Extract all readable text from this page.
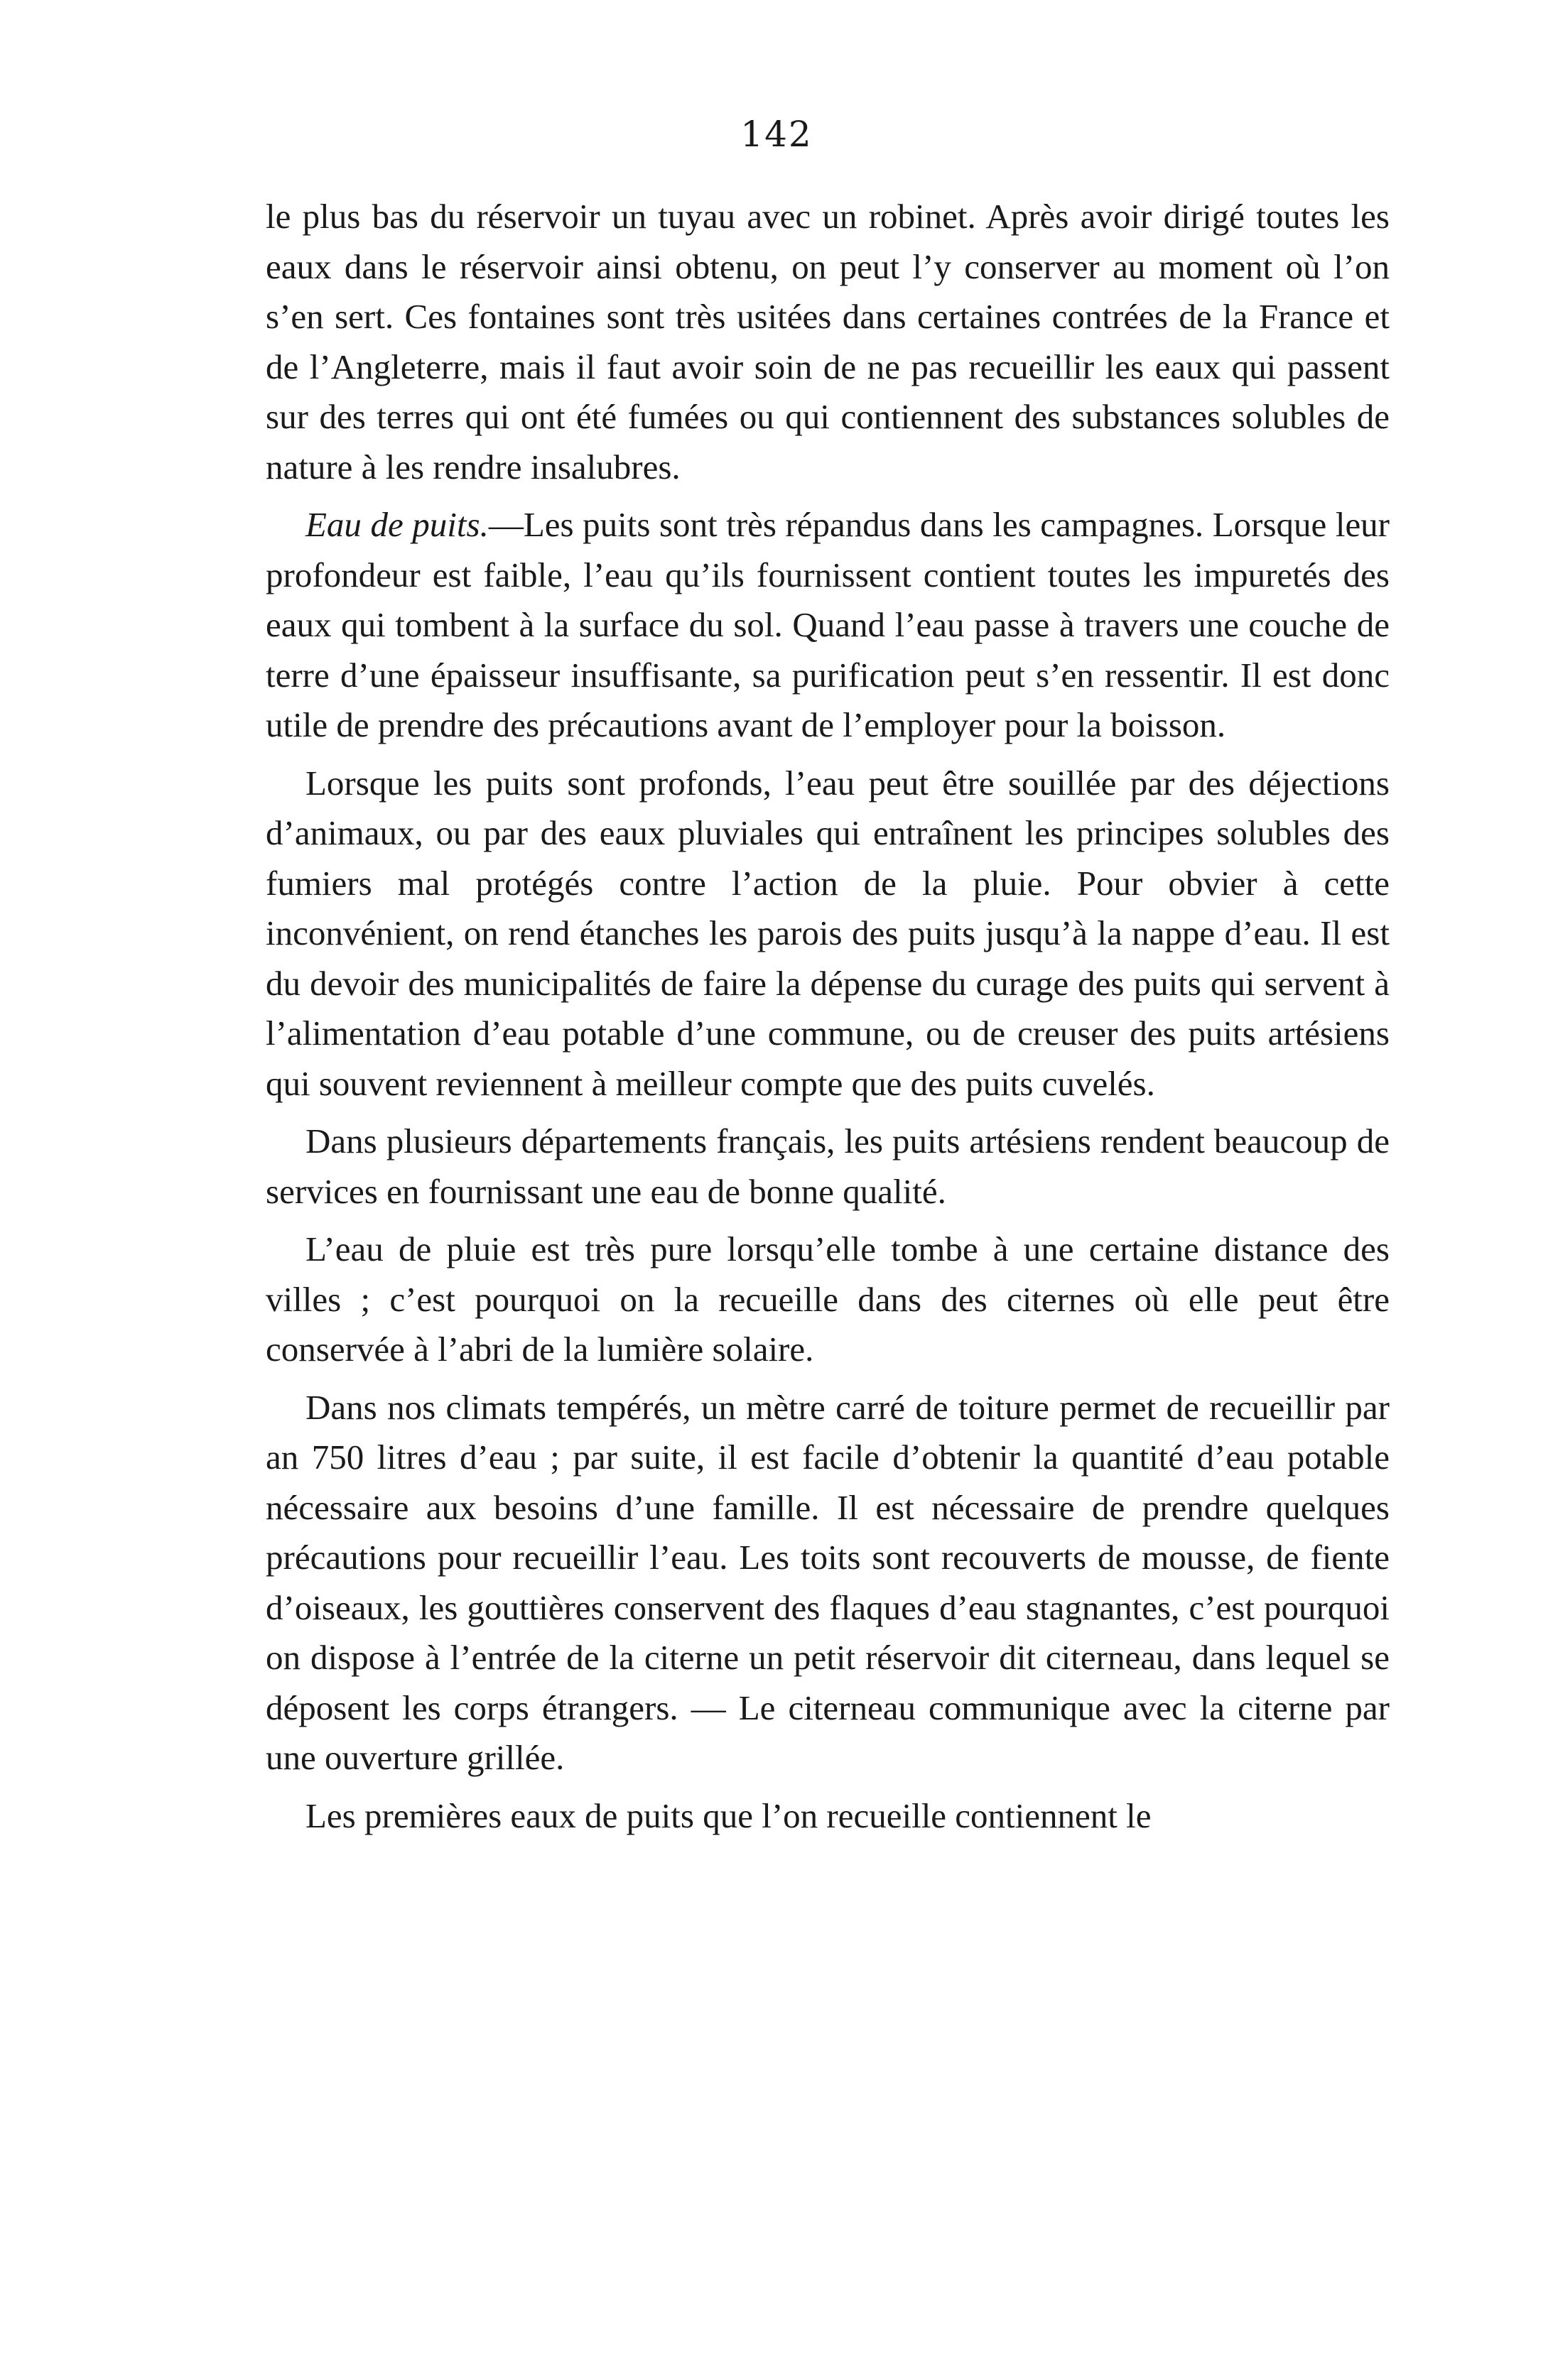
142

le plus bas du réservoir un tuyau avec un robinet. Après avoir dirigé toutes les eaux dans le réservoir ainsi obtenu, on peut l’y conserver au moment où l’on s’en sert. Ces fontaines sont très usitées dans certaines contrées de la France et de l’Angleterre, mais il faut avoir soin de ne pas recueillir les eaux qui passent sur des terres qui ont été fumées ou qui contiennent des substances solubles de nature à les rendre insalubres.

Eau de puits.—Les puits sont très répandus dans les campagnes. Lorsque leur profondeur est faible, l’eau qu’ils fournissent contient toutes les impuretés des eaux qui tombent à la surface du sol. Quand l’eau passe à travers une couche de terre d’une épaisseur insuffisante, sa purification peut s’en ressentir. Il est donc utile de prendre des précautions avant de l’employer pour la boisson.

Lorsque les puits sont profonds, l’eau peut être souillée par des déjections d’animaux, ou par des eaux pluviales qui entraînent les principes solubles des fumiers mal protégés contre l’action de la pluie. Pour obvier à cette inconvénient, on rend étanches les parois des puits jusqu’à la nappe d’eau. Il est du devoir des municipalités de faire la dépense du curage des puits qui servent à l’alimentation d’eau potable d’une commune, ou de creuser des puits artésiens qui souvent reviennent à meilleur compte que des puits cuvelés.

Dans plusieurs départements français, les puits artésiens rendent beaucoup de services en fournissant une eau de bonne qualité.

L’eau de pluie est très pure lorsqu’elle tombe à une certaine distance des villes ; c’est pourquoi on la recueille dans des citernes où elle peut être conservée à l’abri de la lumière solaire.

Dans nos climats tempérés, un mètre carré de toiture permet de recueillir par an 750 litres d’eau ; par suite, il est facile d’obtenir la quantité d’eau potable nécessaire aux besoins d’une famille. Il est nécessaire de prendre quelques précautions pour recueillir l’eau. Les toits sont recouverts de mousse, de fiente d’oiseaux, les gouttières conservent des flaques d’eau stagnantes, c’est pourquoi on dispose à l’entrée de la citerne un petit réservoir dit citerneau, dans lequel se déposent les corps étrangers. — Le citerneau communique avec la citerne par une ouverture grillée.

Les premières eaux de puits que l’on recueille contiennent le
